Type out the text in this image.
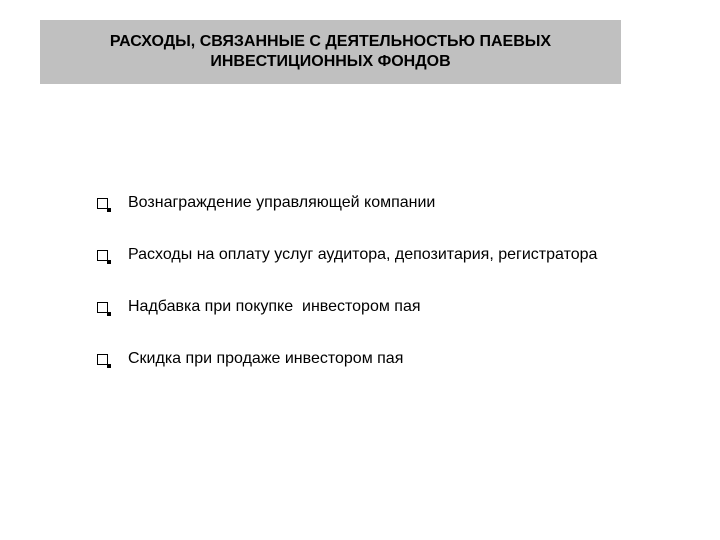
РАСХОДЫ, СВЯЗАННЫЕ С ДЕЯТЕЛЬНОСТЬЮ ПАЕВЫХ
ИНВЕСТИЦИОННЫХ ФОНДОВ
Вознаграждение управляющей компании
Расходы на оплату услуг аудитора, депозитария, регистратора
Надбавка при покупке  инвестором пая
Скидка при продаже инвестором пая
